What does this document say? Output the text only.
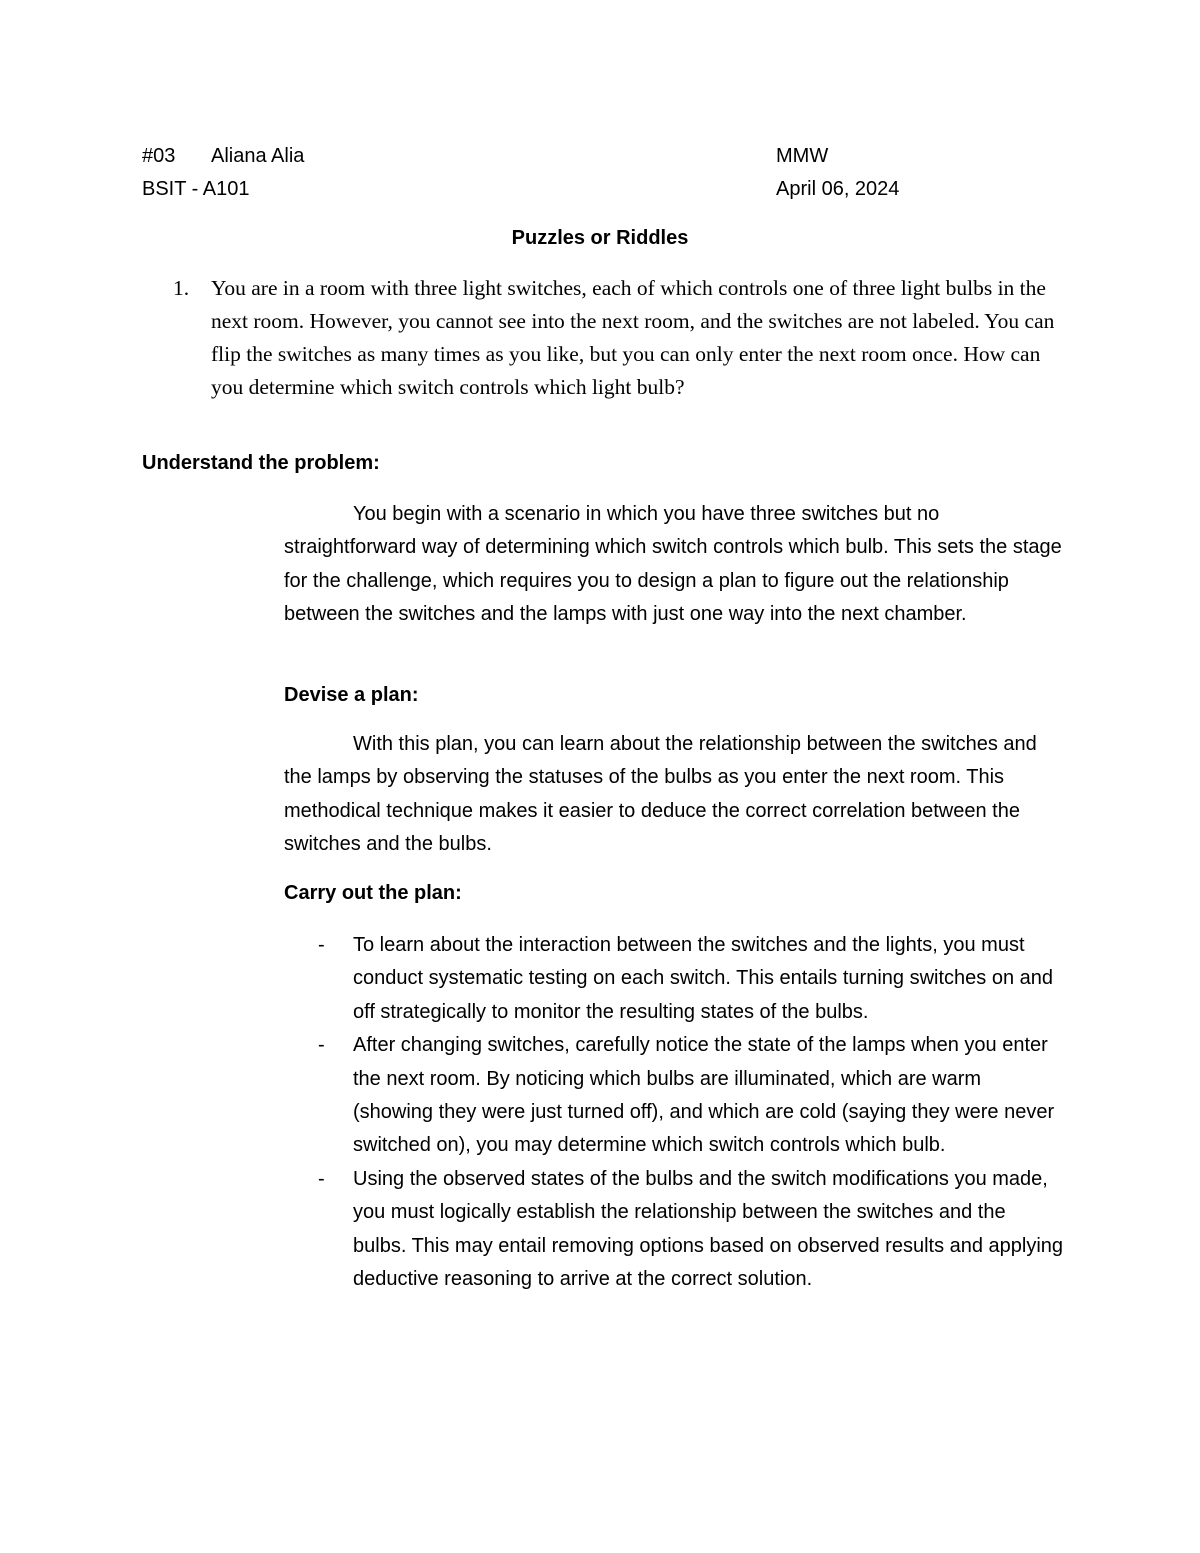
#03 Aliana Alia	MMW
BSIT - A101	April 06, 2024
Puzzles or Riddles
1. You are in a room with three light switches, each of which controls one of three light bulbs in the next room. However, you cannot see into the next room, and the switches are not labeled. You can flip the switches as many times as you like, but you can only enter the next room once. How can you determine which switch controls which light bulb?
Understand the problem:
You begin with a scenario in which you have three switches but no straightforward way of determining which switch controls which bulb. This sets the stage for the challenge, which requires you to design a plan to figure out the relationship between the switches and the lamps with just one way into the next chamber.
Devise a plan:
With this plan, you can learn about the relationship between the switches and the lamps by observing the statuses of the bulbs as you enter the next room. This methodical technique makes it easier to deduce the correct correlation between the switches and the bulbs.
Carry out the plan:
- To learn about the interaction between the switches and the lights, you must conduct systematic testing on each switch. This entails turning switches on and off strategically to monitor the resulting states of the bulbs.
- After changing switches, carefully notice the state of the lamps when you enter the next room. By noticing which bulbs are illuminated, which are warm (showing they were just turned off), and which are cold (saying they were never switched on), you may determine which switch controls which bulb.
- Using the observed states of the bulbs and the switch modifications you made, you must logically establish the relationship between the switches and the bulbs. This may entail removing options based on observed results and applying deductive reasoning to arrive at the correct solution.
